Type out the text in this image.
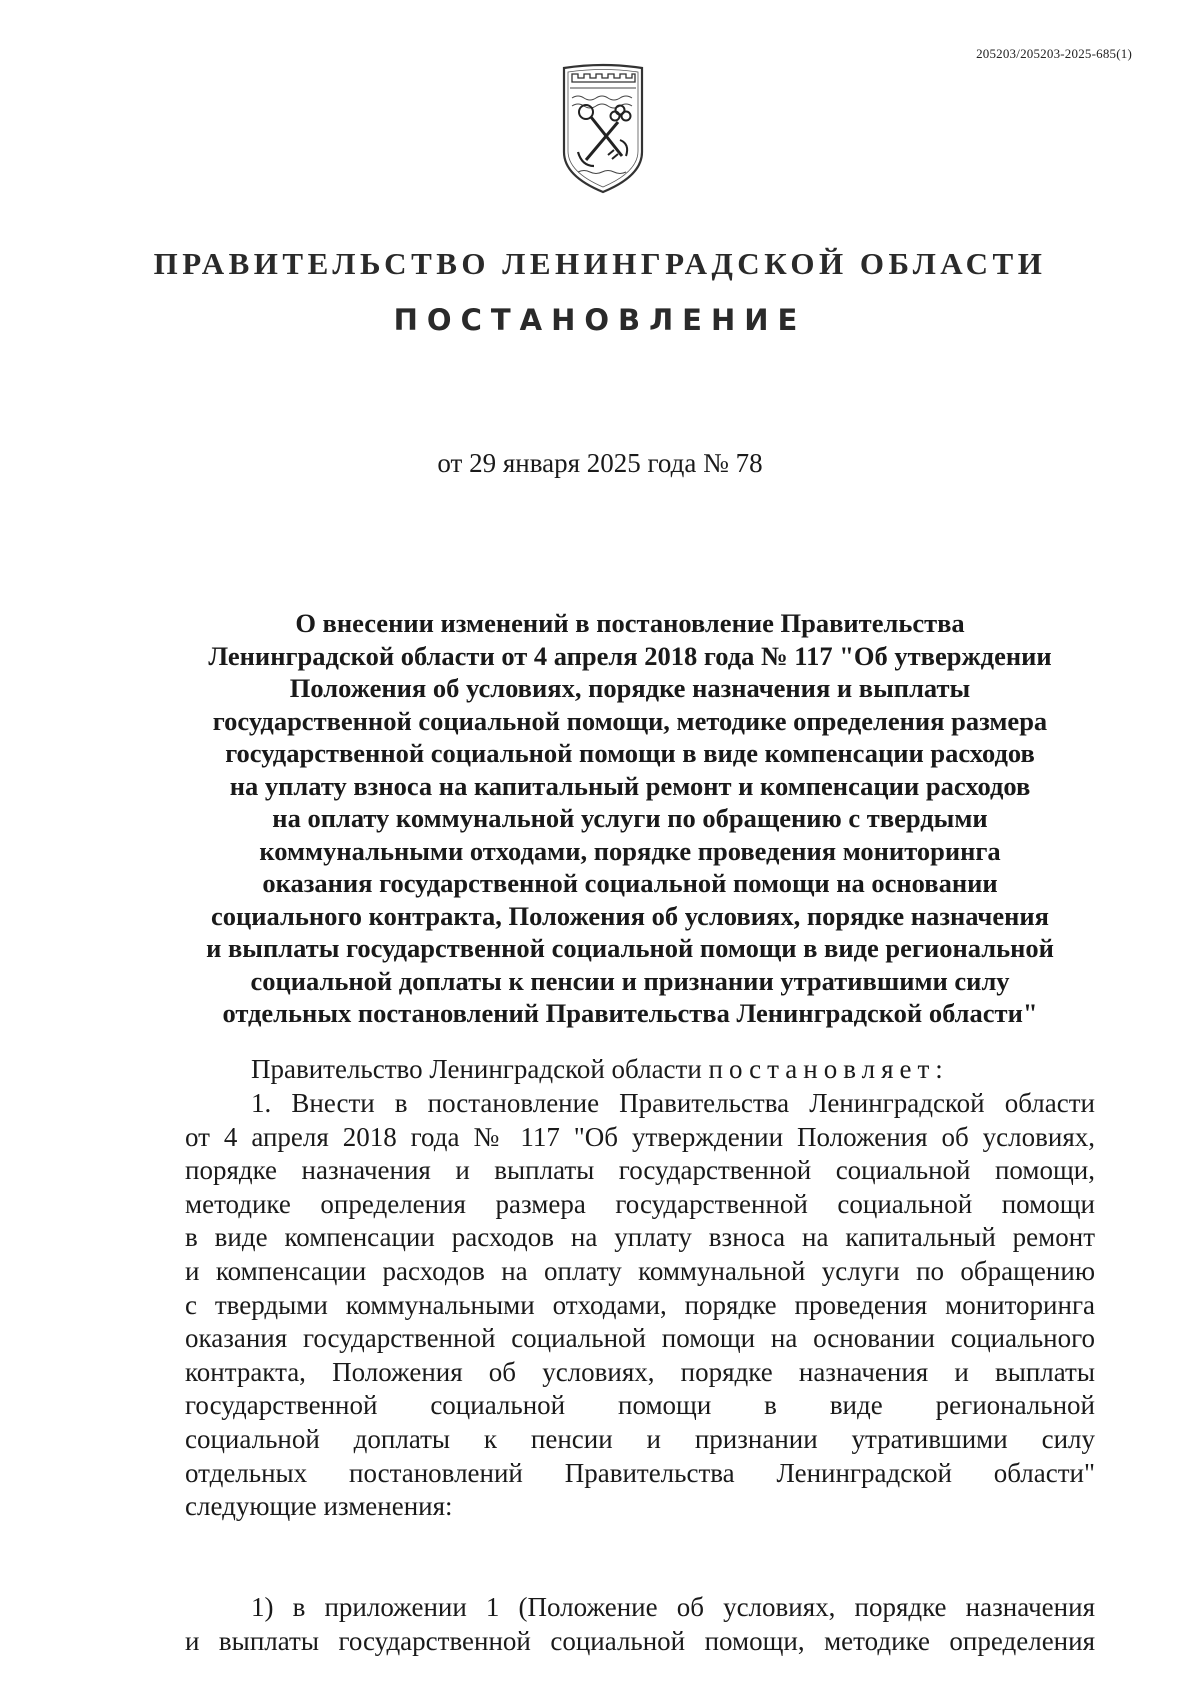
205203/205203-2025-685(1)
ПРАВИТЕЛЬСТВО ЛЕНИНГРАДСКОЙ ОБЛАСТИ
ПОСТАНОВЛЕНИЕ
от 29 января 2025 года № 78
О внесении изменений в постановление Правительства
Ленинградской области от 4 апреля 2018 года № 117 "Об утверждении
Положения об условиях, порядке назначения и выплаты
государственной социальной помощи, методике определения размера
государственной социальной помощи в виде компенсации расходов
на уплату взноса на капитальный ремонт и компенсации расходов
на оплату коммунальной услуги по обращению с твердыми
коммунальными отходами, порядке проведения мониторинга
оказания государственной социальной помощи на основании
социального контракта, Положения об условиях, порядке назначения
и выплаты государственной социальной помощи в виде региональной
социальной доплаты к пенсии и признании утратившими силу
отдельных постановлений Правительства Ленинградской области"
Правительство Ленинградской области постановляет:
1. Внести в постановление Правительства Ленинградской области
от 4 апреля 2018 года № 117 "Об утверждении Положения об условиях,
порядке назначения и выплаты государственной социальной помощи,
методике определения размера государственной социальной помощи
в виде компенсации расходов на уплату взноса на капитальный ремонт
и компенсации расходов на оплату коммунальной услуги по обращению
с твердыми коммунальными отходами, порядке проведения мониторинга
оказания государственной социальной помощи на основании социального
контракта, Положения об условиях, порядке назначения и выплаты
государственной социальной помощи в виде региональной
социальной доплаты к пенсии и признании утратившими силу
отдельных постановлений Правительства Ленинградской области"
следующие изменения:
1) в приложении 1 (Положение об условиях, порядке назначения
и выплаты государственной социальной помощи, методике определения
